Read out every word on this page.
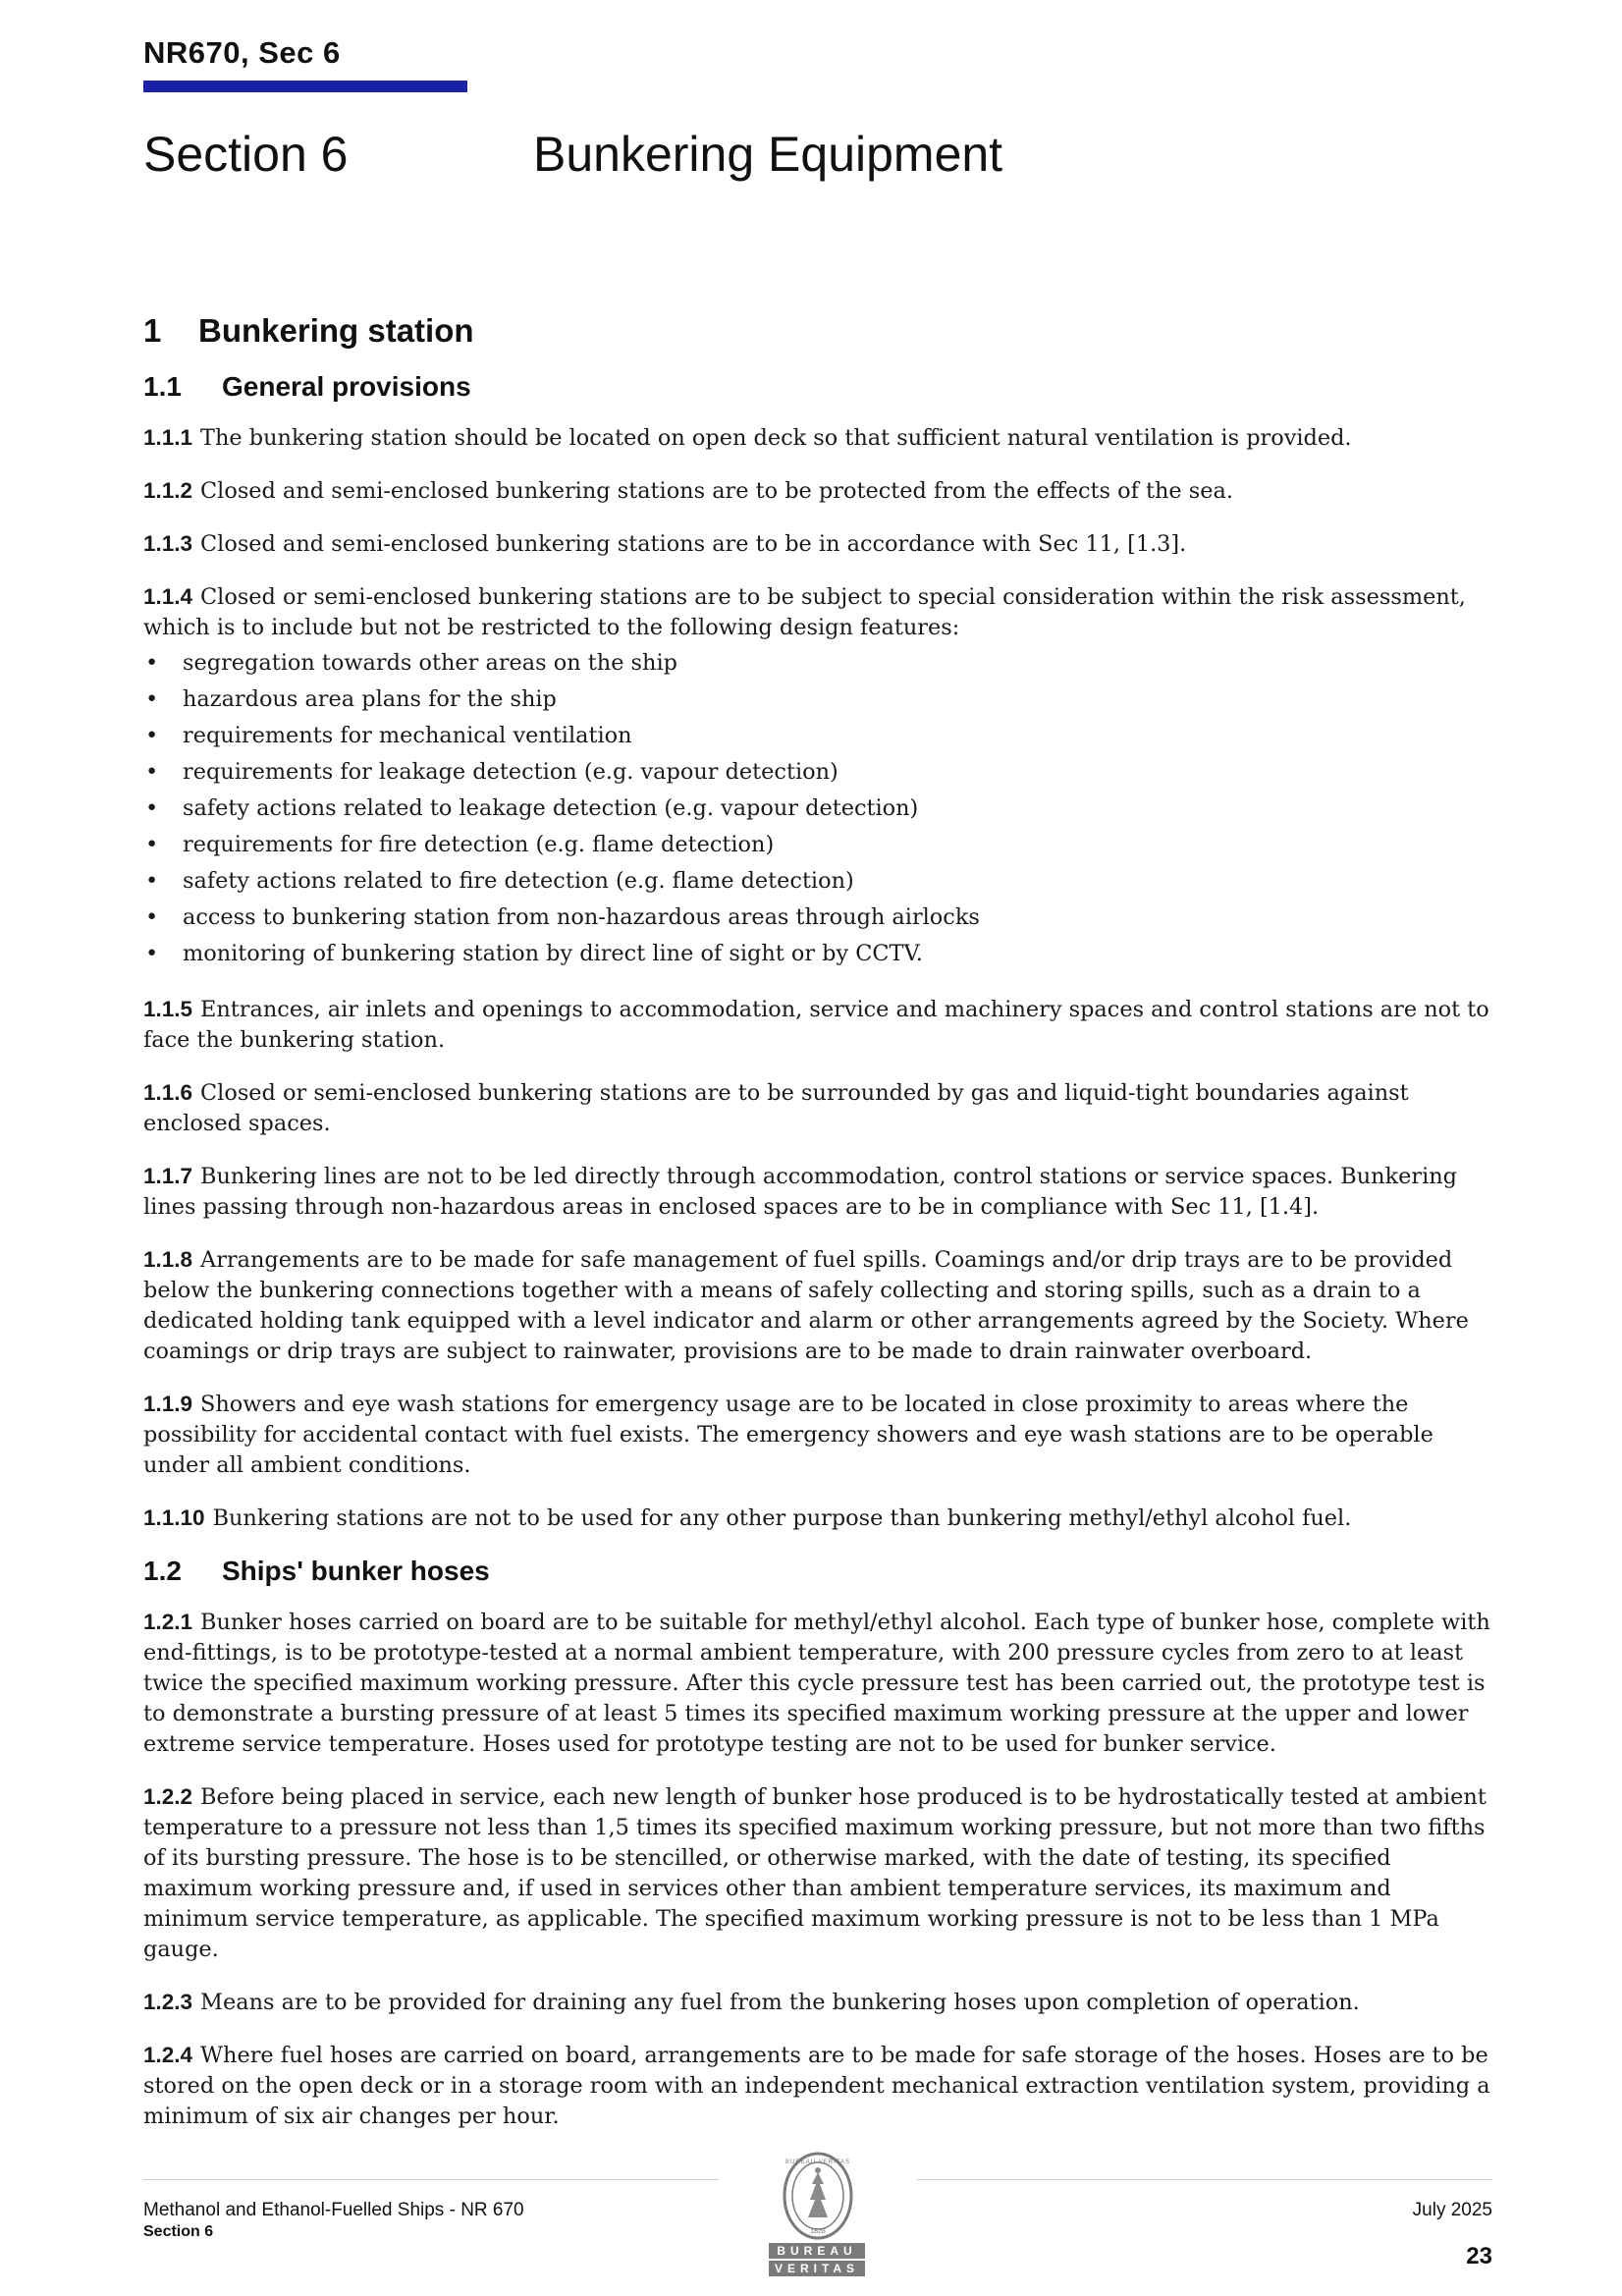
NR670, Sec 6
Section 6	Bunkering Equipment
1	Bunkering station
1.1	General provisions

1.1.1 The bunkering station should be located on open deck so that sufficient natural ventilation is provided.

1.1.2 Closed and semi-enclosed bunkering stations are to be protected from the effects of the sea.

1.1.3 Closed and semi-enclosed bunkering stations are to be in accordance with Sec 11, [1.3].

1.1.4 Closed or semi-enclosed bunkering stations are to be subject to special consideration within the risk assessment, which is to include but not be restricted to the following design features:

• segregation towards other areas on the ship
• hazardous area plans for the ship
• requirements for mechanical ventilation
• requirements for leakage detection (e.g. vapour detection)
• safety actions related to leakage detection (e.g. vapour detection)
• requirements for fire detection (e.g. flame detection)
• safety actions related to fire detection (e.g. flame detection)
• access to bunkering station from non-hazardous areas through airlocks
• monitoring of bunkering station by direct line of sight or by CCTV.

1.1.5 Entrances, air inlets and openings to accommodation, service and machinery spaces and control stations are not to face the bunkering station.

1.1.6 Closed or semi-enclosed bunkering stations are to be surrounded by gas and liquid-tight boundaries against enclosed spaces.

1.1.7 Bunkering lines are not to be led directly through accommodation, control stations or service spaces. Bunkering lines passing through non-hazardous areas in enclosed spaces are to be in compliance with Sec 11, [1.4].

1.1.8 Arrangements are to be made for safe management of fuel spills. Coamings and/or drip trays are to be provided below the bunkering connections together with a means of safely collecting and storing spills, such as a drain to a dedicated holding tank equipped with a level indicator and alarm or other arrangements agreed by the Society. Where coamings or drip trays are subject to rainwater, provisions are to be made to drain rainwater overboard.

1.1.9 Showers and eye wash stations for emergency usage are to be located in close proximity to areas where the possibility for accidental contact with fuel exists. The emergency showers and eye wash stations are to be operable under all ambient conditions.

1.1.10 Bunkering stations are not to be used for any other purpose than bunkering methyl/ethyl alcohol fuel.

1.2	Ships' bunker hoses

1.2.1 Bunker hoses carried on board are to be suitable for methyl/ethyl alcohol. Each type of bunker hose, complete with end-fittings, is to be prototype-tested at a normal ambient temperature, with 200 pressure cycles from zero to at least twice the specified maximum working pressure. After this cycle pressure test has been carried out, the prototype test is to demonstrate a bursting pressure of at least 5 times its specified maximum working pressure at the upper and lower extreme service temperature. Hoses used for prototype testing are not to be used for bunker service.

1.2.2 Before being placed in service, each new length of bunker hose produced is to be hydrostatically tested at ambient temperature to a pressure not less than 1,5 times its specified maximum working pressure, but not more than two fifths of its bursting pressure. The hose is to be stencilled, or otherwise marked, with the date of testing, its specified maximum working pressure and, if used in services other than ambient temperature services, its maximum and minimum service temperature, as applicable. The specified maximum working pressure is not to be less than 1 MPa gauge.

1.2.3 Means are to be provided for draining any fuel from the bunkering hoses upon completion of operation.

1.2.4 Where fuel hoses are carried on board, arrangements are to be made for safe storage of the hoses. Hoses are to be stored on the open deck or in a storage room with an independent mechanical extraction ventilation system, providing a minimum of six air changes per hour.

Methanol and Ethanol-Fuelled Ships - NR 670
Section 6
July 2025
23
BUREAU VERITAS
1828
BUREAU
VERITAS
